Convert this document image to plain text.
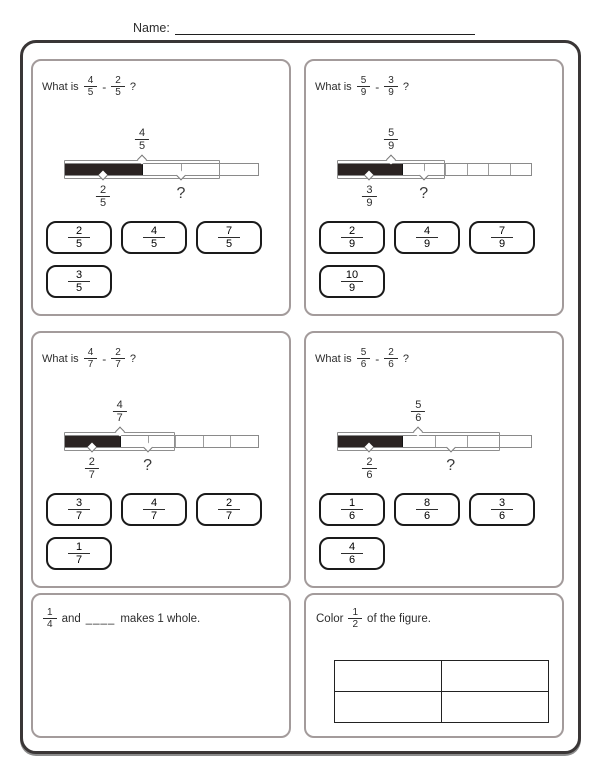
Name:
What is $\frac{4}{5} - \frac{2}{5}$ ?
$\frac{4}{5}$
$\frac{2}{5}$	?
$\frac{2}{5}$	$\frac{4}{5}$	$\frac{7}{5}$
$\frac{3}{5}$
What is $\frac{5}{9} - \frac{3}{9}$ ?
$\frac{5}{9}$
$\frac{3}{9}$	?
$\frac{2}{9}$	$\frac{4}{9}$	$\frac{7}{9}$
$\frac{10}{9}$
What is $\frac{4}{7} - \frac{2}{7}$ ?
$\frac{4}{7}$
$\frac{2}{7}$	?
$\frac{3}{7}$	$\frac{4}{7}$	$\frac{2}{7}$
$\frac{1}{7}$
What is $\frac{5}{6} - \frac{2}{6}$ ?
$\frac{5}{6}$
$\frac{2}{6}$	?
$\frac{1}{6}$	$\frac{8}{6}$	$\frac{3}{6}$
$\frac{4}{6}$
$\frac{1}{4}$ and ____ makes 1 whole.	Color $\frac{1}{2}$ of the figure.
